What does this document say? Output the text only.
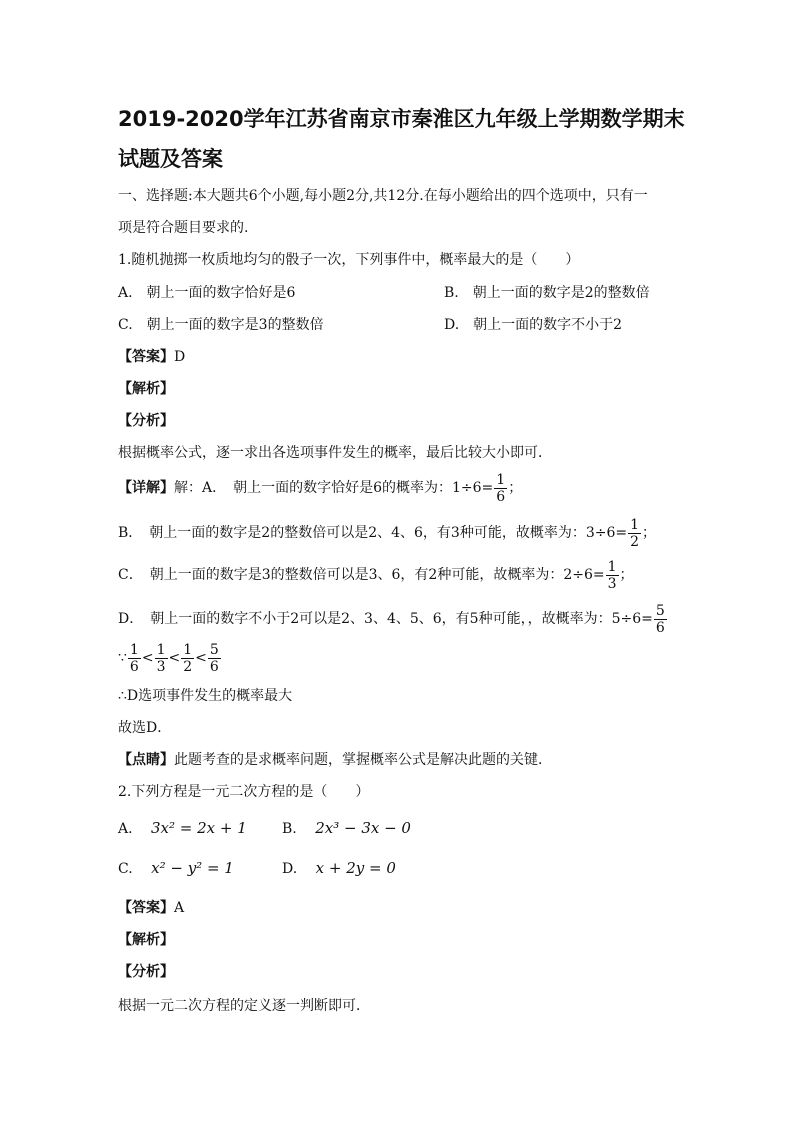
2019-2020学年江苏省南京市秦淮区九年级上学期数学期末
试题及答案
一、选择题:本大题共6个小题,每小题2分,共12分.在每小题给出的四个选项中，只有一
项是符合题目要求的.
1.随机抛掷一枚质地均匀的骰子一次，下列事件中，概率最大的是（　　）
A.　朝上一面的数字恰好是6	B.　朝上一面的数字是2的整数倍
C.　朝上一面的数字是3的整数倍	D.　朝上一面的数字不小于2
【答案】D
【解析】
【分析】
根据概率公式，逐一求出各选项事件发生的概率，最后比较大小即可．
【详解】解：A．　朝上一面的数字恰好是6的概率为：$1\div 6= \frac{1}{6}$ ；
B．　朝上一面的数字是2的整数倍可以是2、4、6，有3种可能，故概率为：$3\div 6= \frac{1}{2}$ ；
C．　朝上一面的数字是3的整数倍可以是3、6，有2种可能，故概率为：$2\div 6= \frac{1}{3}$ ；
D．　朝上一面的数字不小于2可以是2、3、4、5、6，有5种可能，，故概率为：$5\div 6= \frac{5}{6}$
∵ $\frac{1}{6} < \frac{1}{3} < \frac{1}{2} < \frac{5}{6}$
∴D选项事件发生的概率最大
故选D．
【点睛】此题考查的是求概率问题，掌握概率公式是解决此题的关键．
2.下列方程是一元二次方程的是（　　）
A. 3x² = 2x + 1	B. 2x³ − 3x − 0
C. x² − y² = 1	D. x + 2y = 0
【答案】A
【解析】
【分析】
根据一元二次方程的定义逐一判断即可．
